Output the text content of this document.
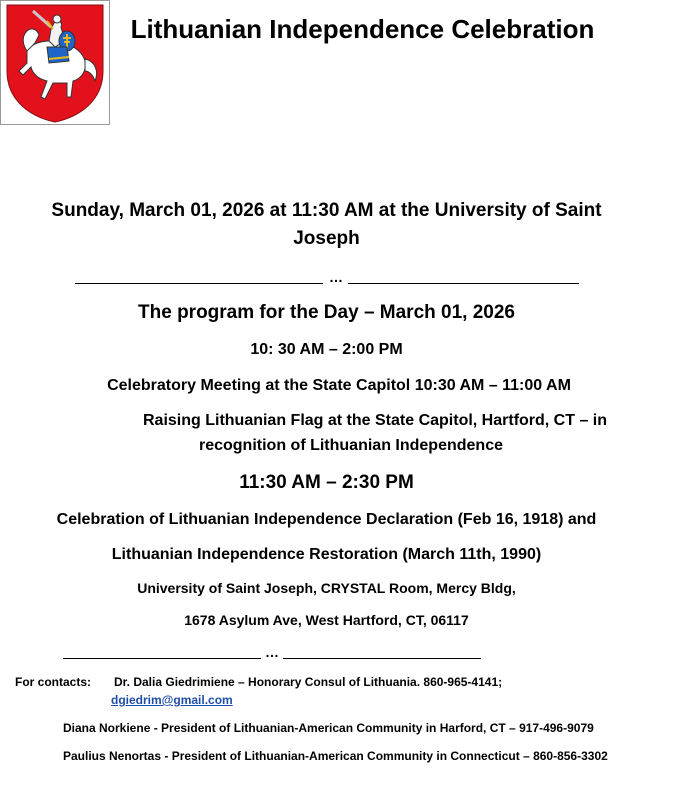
Lithuanian Independence Celebration
Sunday, March 01, 2026 at 11:30 AM at the University of Saint
Joseph
…
The program for the Day – March 01, 2026
10: 30 AM – 2:00 PM
Celebratory Meeting at the State Capitol 10:30 AM – 11:00 AM
Raising Lithuanian Flag at the State Capitol, Hartford, CT – in
recognition of Lithuanian Independence
11:30 AM – 2:30 PM
Celebration of Lithuanian Independence Declaration (Feb 16, 1918) and
Lithuanian Independence Restoration (March 11th, 1990)
University of Saint Joseph, CRYSTAL Room, Mercy Bldg,
1678 Asylum Ave, West Hartford, CT, 06117
…
For contacts: Dr. Dalia Giedrimiene – Honorary Consul of Lithuania. 860-965-4141;
dgiedrim@gmail.com
Diana Norkiene - President of Lithuanian-American Community in Harford, CT – 917-496-9079
Paulius Nenortas - President of Lithuanian-American Community in Connecticut – 860-856-3302
